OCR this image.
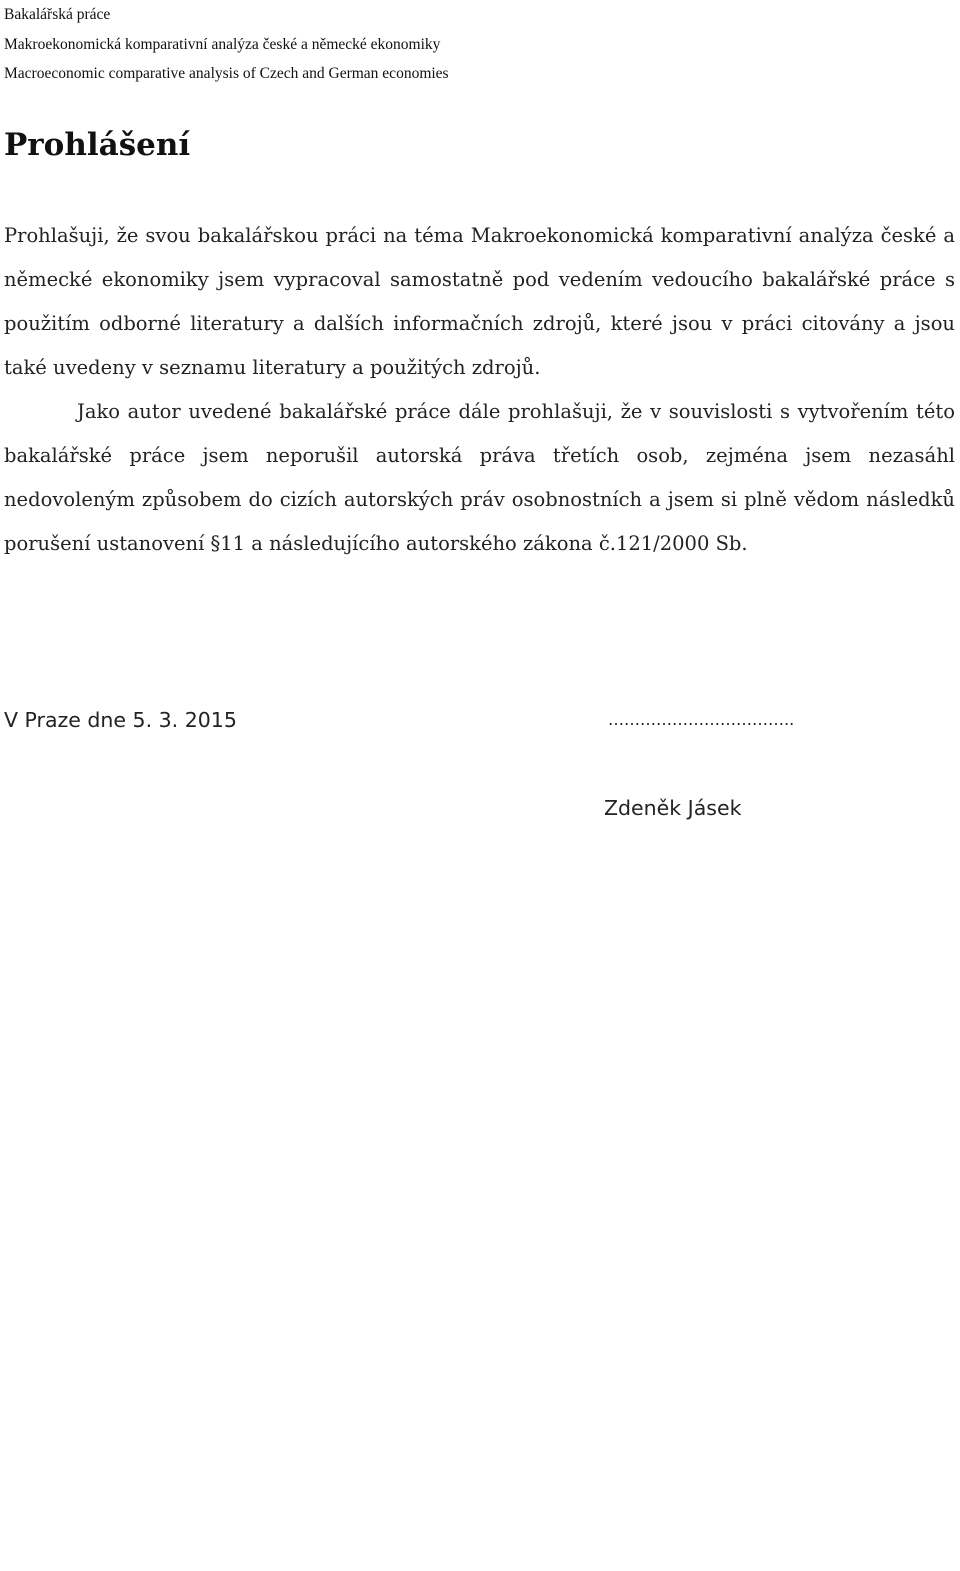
Bakalářská práce
Makroekonomická komparativní analýza české a německé ekonomiky
Macroeconomic comparative analysis of Czech and German economies
Prohlášení

Prohlašuji, že svou bakalářskou práci na téma Makroekonomická komparativní analýza české a německé ekonomiky jsem vypracoval samostatně pod vedením vedoucího bakalářské práce s použitím odborné literatury a dalších informačních zdrojů, které jsou v práci citovány a jsou také uvedeny v seznamu literatury a použitých zdrojů.

Jako autor uvedené bakalářské práce dále prohlašuji, že v souvislosti s vytvořením této bakalářské práce jsem neporušil autorská práva třetích osob, zejména jsem nezasáhl nedovoleným způsobem do cizích autorských práv osobnostních a jsem si plně vědom následků porušení ustanovení §11 a následujícího autorského zákona č.121/2000 Sb.

V Praze dne 5. 3. 2015	……………………………..
Zdeněk Jásek
